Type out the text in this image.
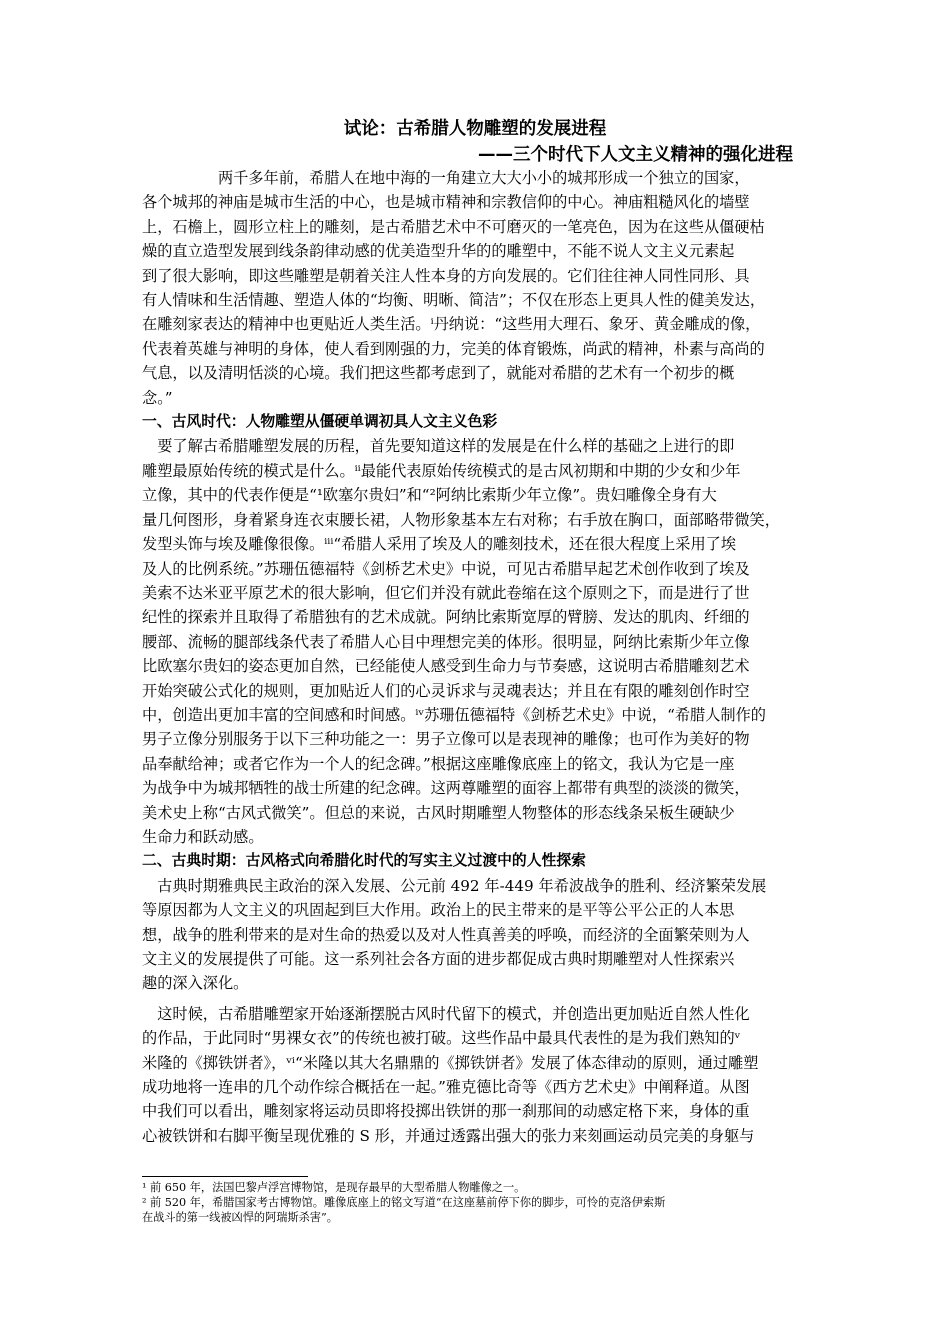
试论：古希腊人物雕塑的发展进程
——三个时代下人文主义精神的强化进程
　　　　　两千多年前，希腊人在地中海的一角建立大大小小的城邦形成一个独立的国家，
各个城邦的神庙是城市生活的中心，也是城市精神和宗教信仰的中心。神庙粗糙风化的墙壁
上，石檐上，圆形立柱上的雕刻，是古希腊艺术中不可磨灭的一笔亮色，因为在这些从僵硬枯
燥的直立造型发展到线条韵律动感的优美造型升华的的雕塑中，不能不说人文主义元素起
到了很大影响，即这些雕塑是朝着关注人性本身的方向发展的。它们往往神人同性同形、具
有人情味和生活情趣、塑造人体的“均衡、明晰、简洁”；不仅在形态上更具人性的健美发达，
在雕刻家表达的精神中也更贴近人类生活。ⁱ丹纳说：“这些用大理石、象牙、黄金雕成的像，
代表着英雄与神明的身体，使人看到刚强的力，完美的体育锻炼，尚武的精神，朴素与高尚的
气息，以及清明恬淡的心境。我们把这些都考虑到了，就能对希腊的艺术有一个初步的概
念。”
一、古风时代：人物雕塑从僵硬单调初具人文主义色彩
　要了解古希腊雕塑发展的历程，首先要知道这样的发展是在什么样的基础之上进行的即
雕塑最原始传统的模式是什么。ⁱⁱ最能代表原始传统模式的是古风初期和中期的少女和少年
立像，其中的代表作便是“¹欧塞尔贵妇”和“²阿纳比索斯少年立像”。贵妇雕像全身有大
量几何图形，身着紧身连衣束腰长裙，人物形象基本左右对称；右手放在胸口，面部略带微笑，
发型头饰与埃及雕像很像。ⁱⁱⁱ“希腊人采用了埃及人的雕刻技术，还在很大程度上采用了埃
及人的比例系统。”苏珊伍德福特《剑桥艺术史》中说，可见古希腊早起艺术创作收到了埃及
美索不达米亚平原艺术的很大影响，但它们并没有就此卷缩在这个原则之下，而是进行了世
纪性的探索并且取得了希腊独有的艺术成就。阿纳比索斯宽厚的臂膀、发达的肌肉、纤细的
腰部、流畅的腿部线条代表了希腊人心目中理想完美的体形。很明显，阿纳比索斯少年立像
比欧塞尔贵妇的姿态更加自然，已经能使人感受到生命力与节奏感，这说明古希腊雕刻艺术
开始突破公式化的规则，更加贴近人们的心灵诉求与灵魂表达；并且在有限的雕刻创作时空
中，创造出更加丰富的空间感和时间感。ⁱᵛ苏珊伍德福特《剑桥艺术史》中说，“希腊人制作的
男子立像分别服务于以下三种功能之一：男子立像可以是表现神的雕像；也可作为美好的物
品奉献给神；或者它作为一个人的纪念碑。”根据这座雕像底座上的铭文，我认为它是一座
为战争中为城邦牺牲的战士所建的纪念碑。这两尊雕塑的面容上都带有典型的淡淡的微笑，
美术史上称“古风式微笑”。但总的来说，古风时期雕塑人物整体的形态线条呆板生硬缺少
生命力和跃动感。
二、古典时期：古风格式向希腊化时代的写实主义过渡中的人性探索
　古典时期雅典民主政治的深入发展、公元前 492 年-449 年希波战争的胜利、经济繁荣发展
等原因都为人文主义的巩固起到巨大作用。政治上的民主带来的是平等公平公正的人本思
想，战争的胜利带来的是对生命的热爱以及对人性真善美的呼唤，而经济的全面繁荣则为人
文主义的发展提供了可能。这一系列社会各方面的进步都促成古典时期雕塑对人性探索兴
趣的深入深化。
　这时候，古希腊雕塑家开始逐渐摆脱古风时代留下的模式，并创造出更加贴近自然人性化
的作品，于此同时“男裸女衣”的传统也被打破。这些作品中最具代表性的是为我们熟知的ᵛ
米隆的《掷铁饼者》，ᵛⁱ“米隆以其大名鼎鼎的《掷铁饼者》发展了体态律动的原则，通过雕塑
成功地将一连串的几个动作综合概括在一起。”雅克德比奇等《西方艺术史》中阐释道。从图
中我们可以看出，雕刻家将运动员即将投掷出铁饼的那一刹那间的动感定格下来，身体的重
心被铁饼和右脚平衡呈现优雅的 S 形，并通过透露出强大的张力来刻画运动员完美的身躯与
¹ 前 650 年，法国巴黎卢浮宫博物馆，是现存最早的大型希腊人物雕像之一。
² 前 520 年，希腊国家考古博物馆。雕像底座上的铭文写道“在这座墓前停下你的脚步，可怜的克洛伊索斯
在战斗的第一线被凶悍的阿瑞斯杀害”。
